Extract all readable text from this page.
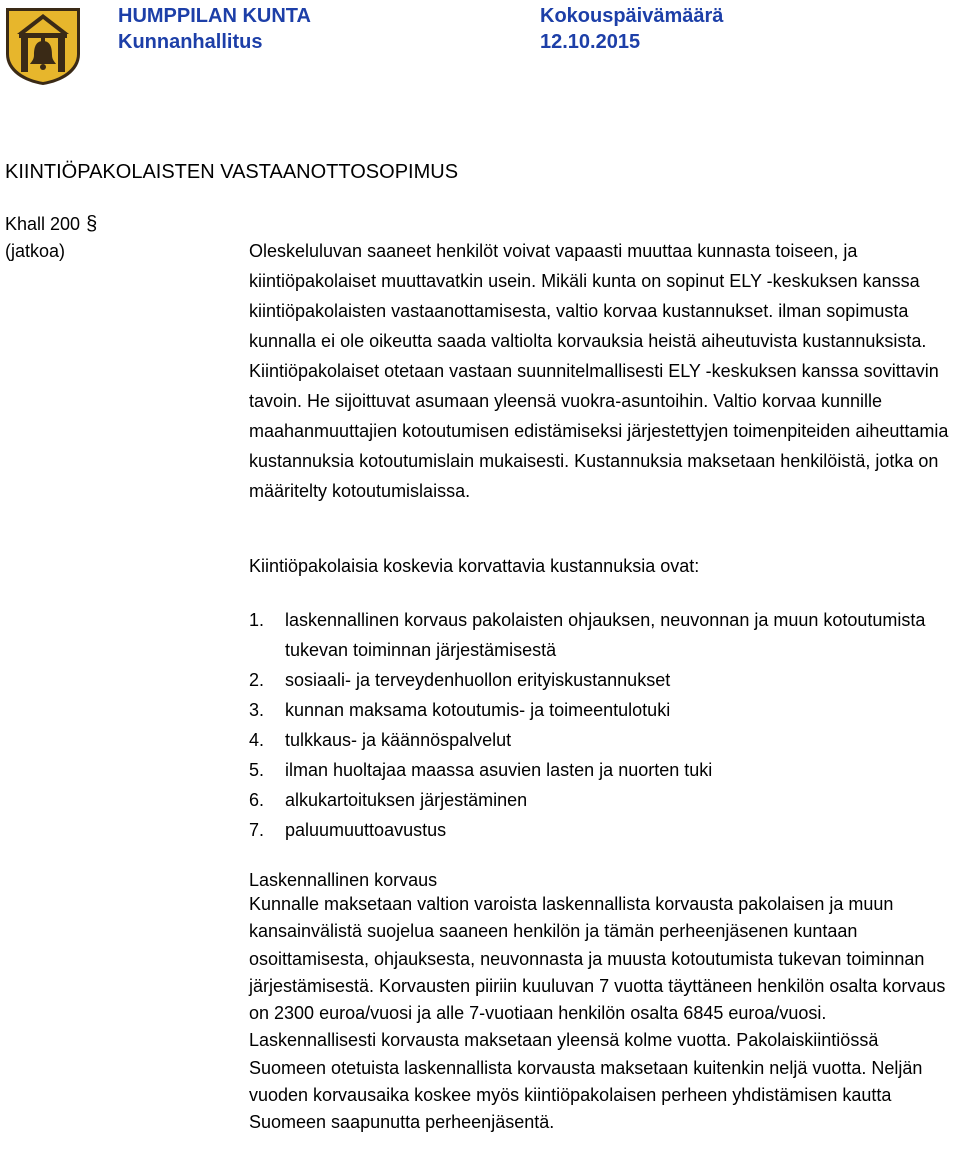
HUMPPILAN KUNTA
Kunnanhallitus
Kokouspäivämäärä
12.10.2015
KIINTIÖPAKOLAISTEN VASTAANOTTOSOPIMUS
Khall 200 §
(jatkoa)	Oleskeluluvan saaneet henkilöt voivat vapaasti muuttaa kunnasta toiseen, ja kiintiöpakolaiset muuttavatkin usein. Mikäli kunta on sopinut ELY -keskuksen kanssa kiintiöpakolaisten vastaanottamisesta, valtio korvaa kustannukset. ilman sopimusta kunnalla ei ole oikeutta saada valtiolta korvauksia heistä aiheutuvista kustannuksista. Kiintiöpakolaiset otetaan vastaan suunnitelmallisesti ELY -keskuksen kanssa sovittavin tavoin. He sijoittuvat asumaan yleensä vuokra-asuntoihin. Valtio korvaa kunnille maahanmuuttajien kotoutumisen edistämiseksi järjestettyjen toimenpiteiden aiheuttamia kustannuksia kotoutumislain mukaisesti. Kustannuksia maksetaan henkilöistä, jotka on määritelty kotoutumislaissa.

Kiintiöpakolaisia koskevia korvattavia kustannuksia ovat:

1.	laskennallinen korvaus pakolaisten ohjauksen, neuvonnan ja muun kotoutumista tukevan toiminnan järjestämisestä
2.	sosiaali- ja terveydenhuollon erityiskustannukset
3.	kunnan maksama kotoutumis- ja toimeentulotuki
4.	tulkkaus- ja käännöspalvelut
5.	ilman huoltajaa maassa asuvien lasten ja nuorten tuki
6.	alkukartoituksen järjestäminen
7.	paluumuuttoavustus

Laskennallinen korvaus

Kunnalle maksetaan valtion varoista laskennallista korvausta pakolaisen ja muun kansainvälistä suojelua saaneen henkilön ja tämän perheenjäsenen kuntaan osoittamisesta, ohjauksesta, neuvonnasta ja muusta kotoutumista tukevan toiminnan järjestämisestä. Korvausten piiriin kuuluvan 7 vuotta täyttäneen henkilön osalta korvaus on 2300 euroa/vuosi ja alle 7-vuotiaan henkilön osalta 6845 euroa/vuosi. Laskennallisesti korvausta maksetaan yleensä kolme vuotta. Pakolaiskiintiössä Suomeen otetuista laskennallista korvausta maksetaan kuitenkin neljä vuotta. Neljän vuoden korvausaika koskee myös kiintiöpakolaisen perheen yhdistämisen kautta Suomeen saapunutta perheenjäsentä.
